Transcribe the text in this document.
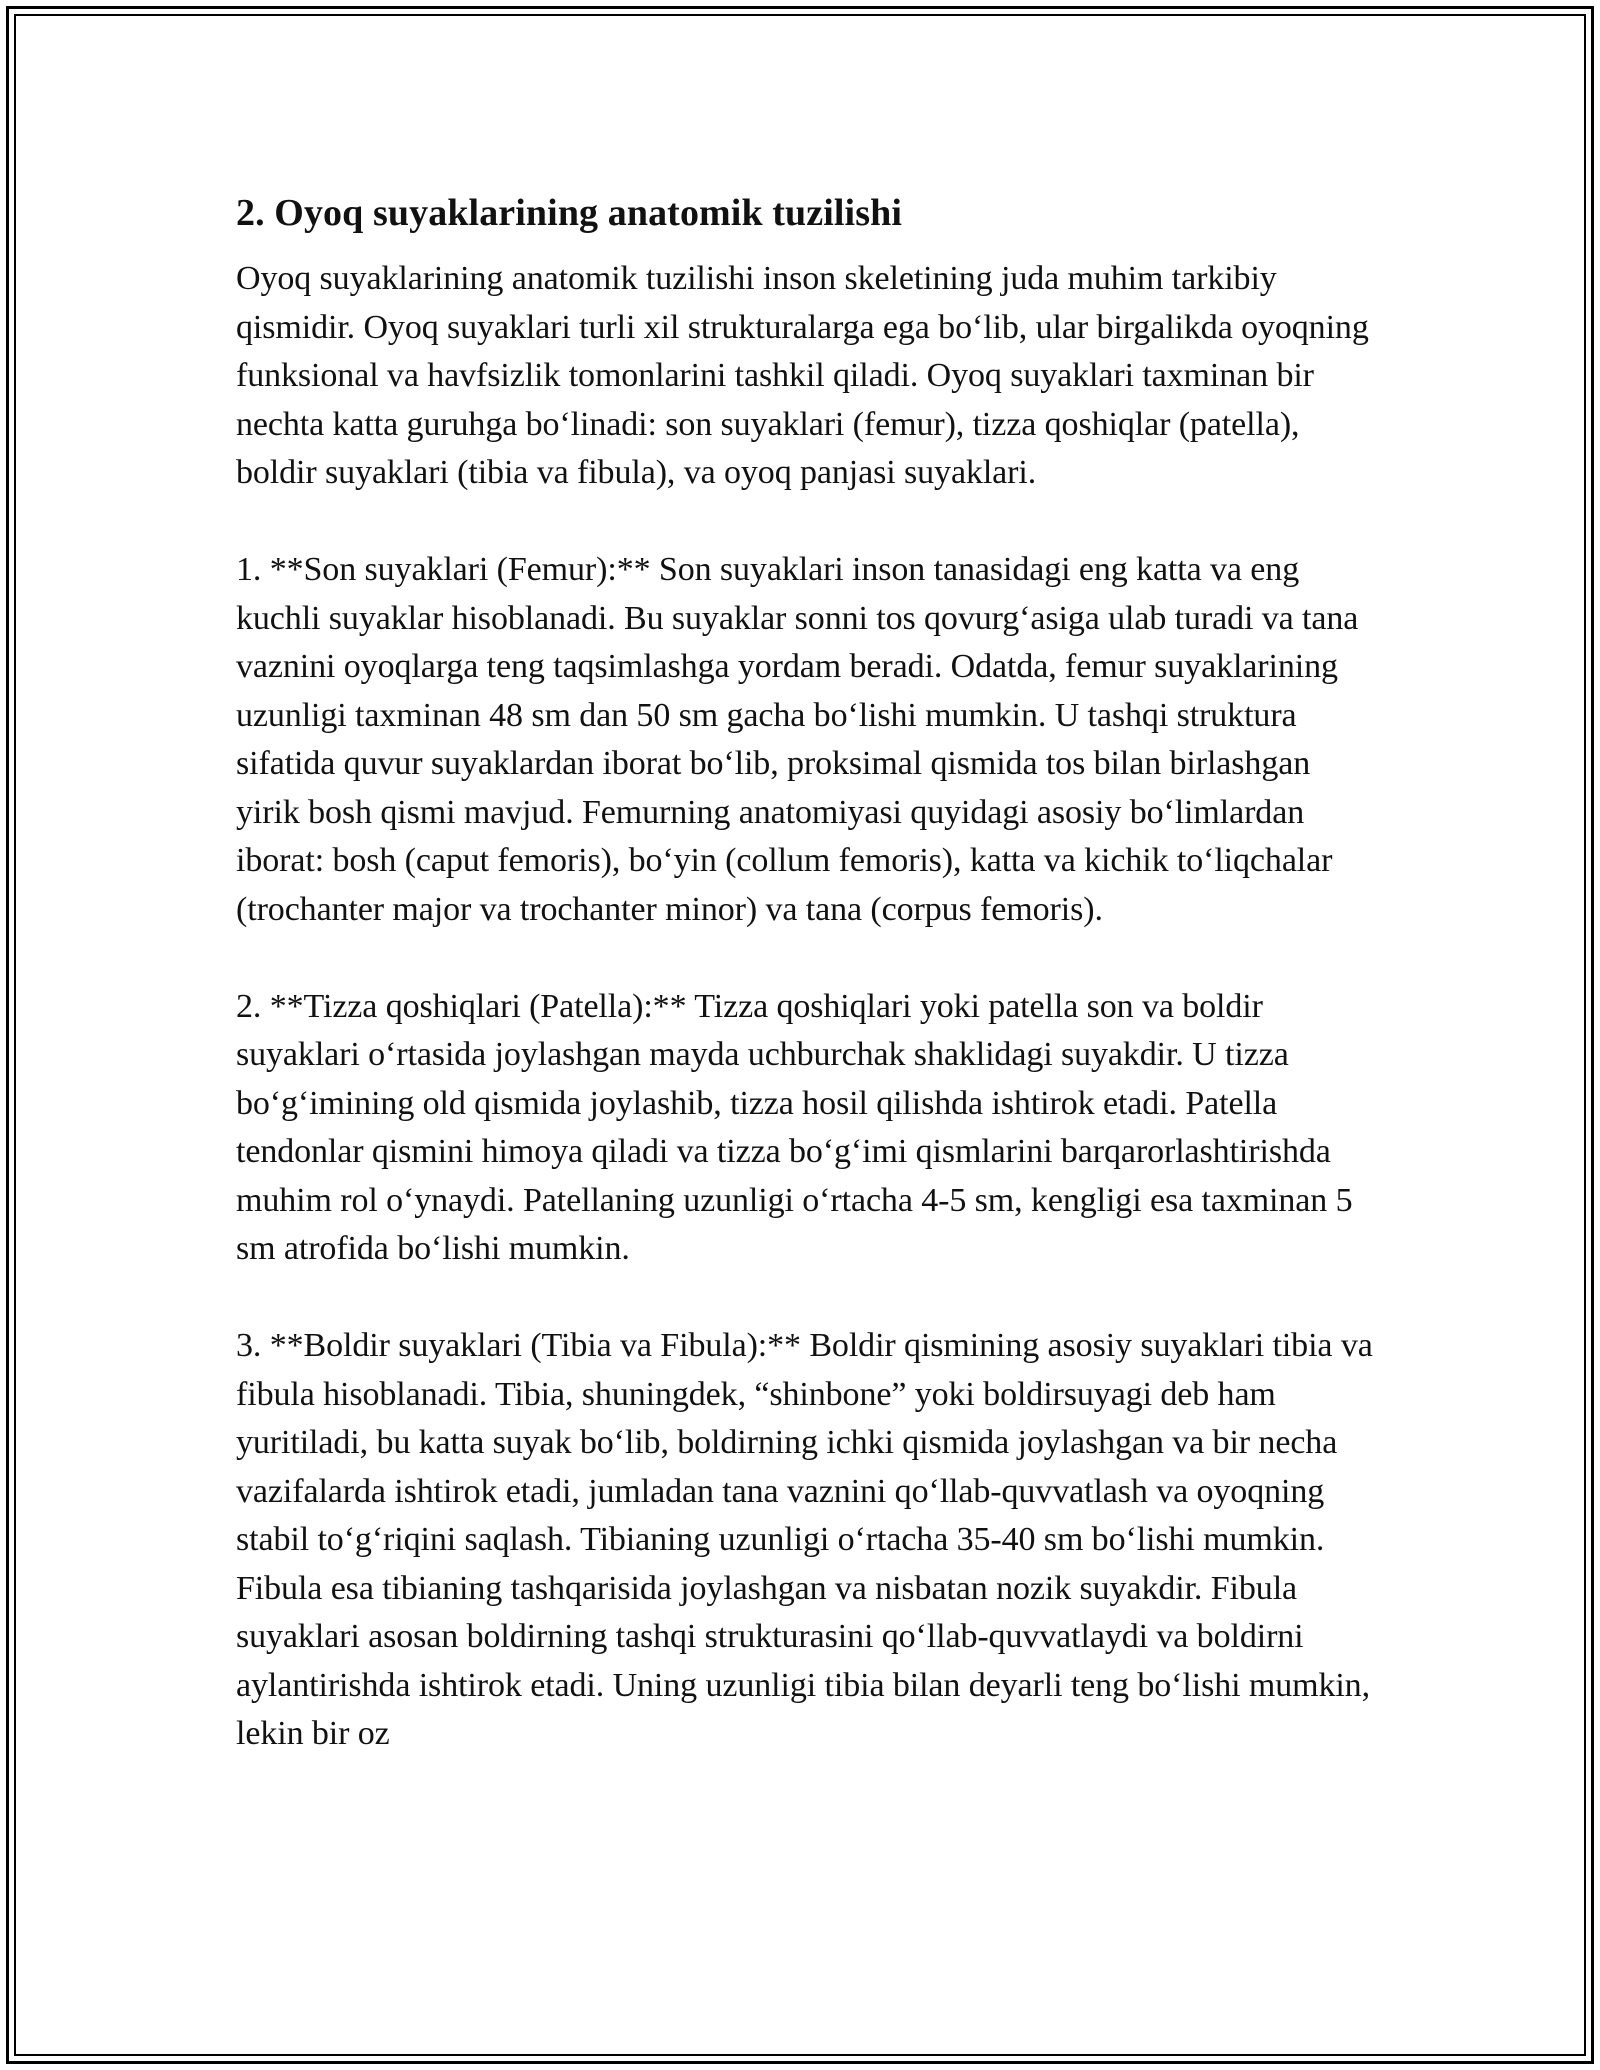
2. Oyoq suyaklarining anatomik tuzilishi

Oyoq suyaklarining anatomik tuzilishi inson skeletining juda muhim tarkibiy qismidir. Oyoq suyaklari turli xil strukturalarga ega bo‘lib, ular birgalikda oyoqning funksional va havfsizlik tomonlarini tashkil qiladi. Oyoq suyaklari taxminan bir nechta katta guruhga bo‘linadi: son suyaklari (femur), tizza qoshiqlar (patella), boldir suyaklari (tibia va fibula), va oyoq panjasi suyaklari.

1. **Son suyaklari (Femur):** Son suyaklari inson tanasidagi eng katta va eng kuchli suyaklar hisoblanadi. Bu suyaklar sonni tos qovurg‘asiga ulab turadi va tana vaznini oyoqlarga teng taqsimlashga yordam beradi. Odatda, femur suyaklarining uzunligi taxminan 48 sm dan 50 sm gacha bo‘lishi mumkin. U tashqi struktura sifatida quvur suyaklardan iborat bo‘lib, proksimal qismida tos bilan birlashgan yirik bosh qismi mavjud. Femurning anatomiyasi quyidagi asosiy bo‘limlardan iborat: bosh (caput femoris), bo‘yin (collum femoris), katta va kichik to‘liqchalar (trochanter major va trochanter minor) va tana (corpus femoris).

2. **Tizza qoshiqlari (Patella):** Tizza qoshiqlari yoki patella son va boldir suyaklari o‘rtasida joylashgan mayda uchburchak shaklidagi suyakdir. U tizza bo‘g‘imining old qismida joylashib, tizza hosil qilishda ishtirok etadi. Patella tendonlar qismini himoya qiladi va tizza bo‘g‘imi qismlarini barqarorlashtirishda muhim rol o‘ynaydi. Patellaning uzunligi o‘rtacha 4-5 sm, kengligi esa taxminan 5 sm atrofida bo‘lishi mumkin.

3. **Boldir suyaklari (Tibia va Fibula):** Boldir qismining asosiy suyaklari tibia va fibula hisoblanadi. Tibia, shuningdek, “shinbone” yoki boldirsuyagi deb ham yuritiladi, bu katta suyak bo‘lib, boldirning ichki qismida joylashgan va bir necha vazifalarda ishtirok etadi, jumladan tana vaznini qo‘llab-quvvatlash va oyoqning stabil to‘g‘riqini saqlash. Tibianing uzunligi o‘rtacha 35-40 sm bo‘lishi mumkin. Fibula esa tibianing tashqarisida joylashgan va nisbatan nozik suyakdir. Fibula suyaklari asosan boldirning tashqi strukturasini qo‘llab-quvvatlaydi va boldirni aylantirishda ishtirok etadi. Uning uzunligi tibia bilan deyarli teng bo‘lishi mumkin, lekin bir oz
